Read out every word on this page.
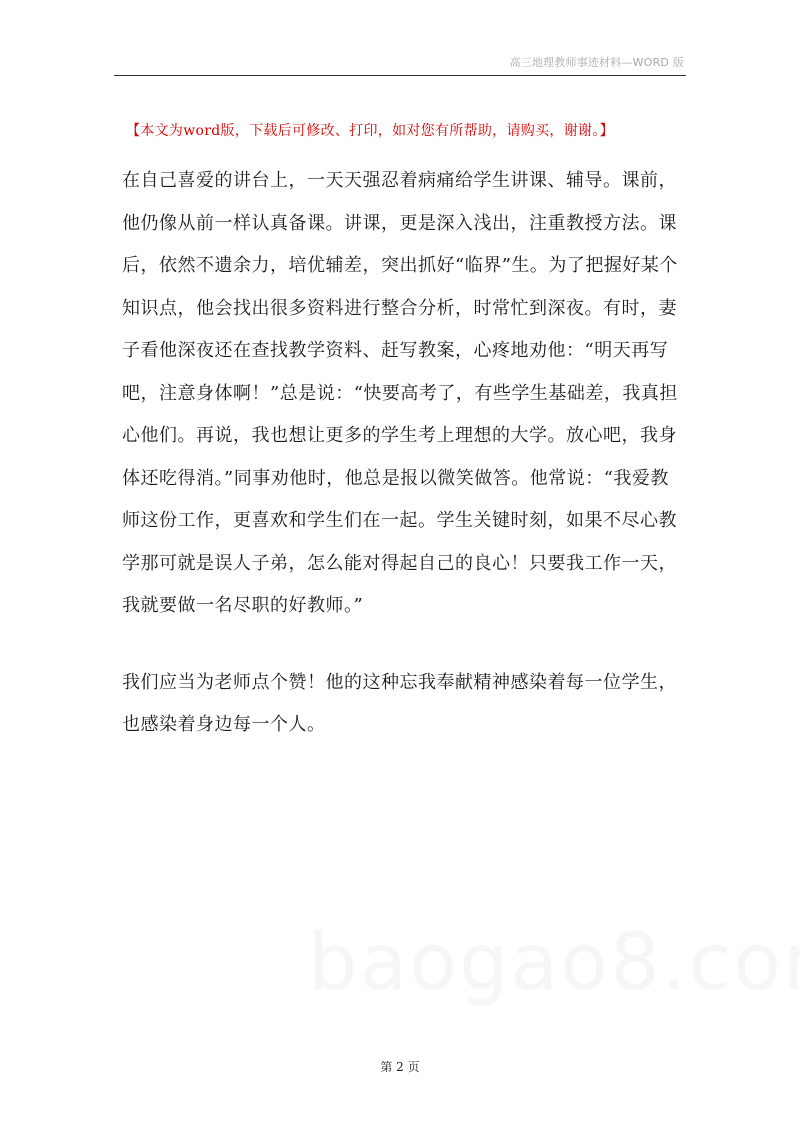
高三地理教师事迹材料—WORD 版
【本文为word版，下载后可修改、打印，如对您有所帮助，请购买，谢谢。】
在自己喜爱的讲台上，一天天强忍着病痛给学生讲课、辅导。课前，
他仍像从前一样认真备课。讲课，更是深入浅出，注重教授方法。课
后，依然不遗余力，培优辅差，突出抓好“临界”生。为了把握好某个
知识点，他会找出很多资料进行整合分析，时常忙到深夜。有时，妻
子看他深夜还在查找教学资料、赶写教案，心疼地劝他：“明天再写
吧，注意身体啊！”总是说：“快要高考了，有些学生基础差，我真担
心他们。再说，我也想让更多的学生考上理想的大学。放心吧，我身
体还吃得消。”同事劝他时，他总是报以微笑做答。他常说：“我爱教
师这份工作，更喜欢和学生们在一起。学生关键时刻，如果不尽心教
学那可就是误人子弟，怎么能对得起自己的良心！只要我工作一天，
我就要做一名尽职的好教师。”
我们应当为老师点个赞！他的这种忘我奉献精神感染着每一位学生，
也感染着身边每一个人。
第 2 页
